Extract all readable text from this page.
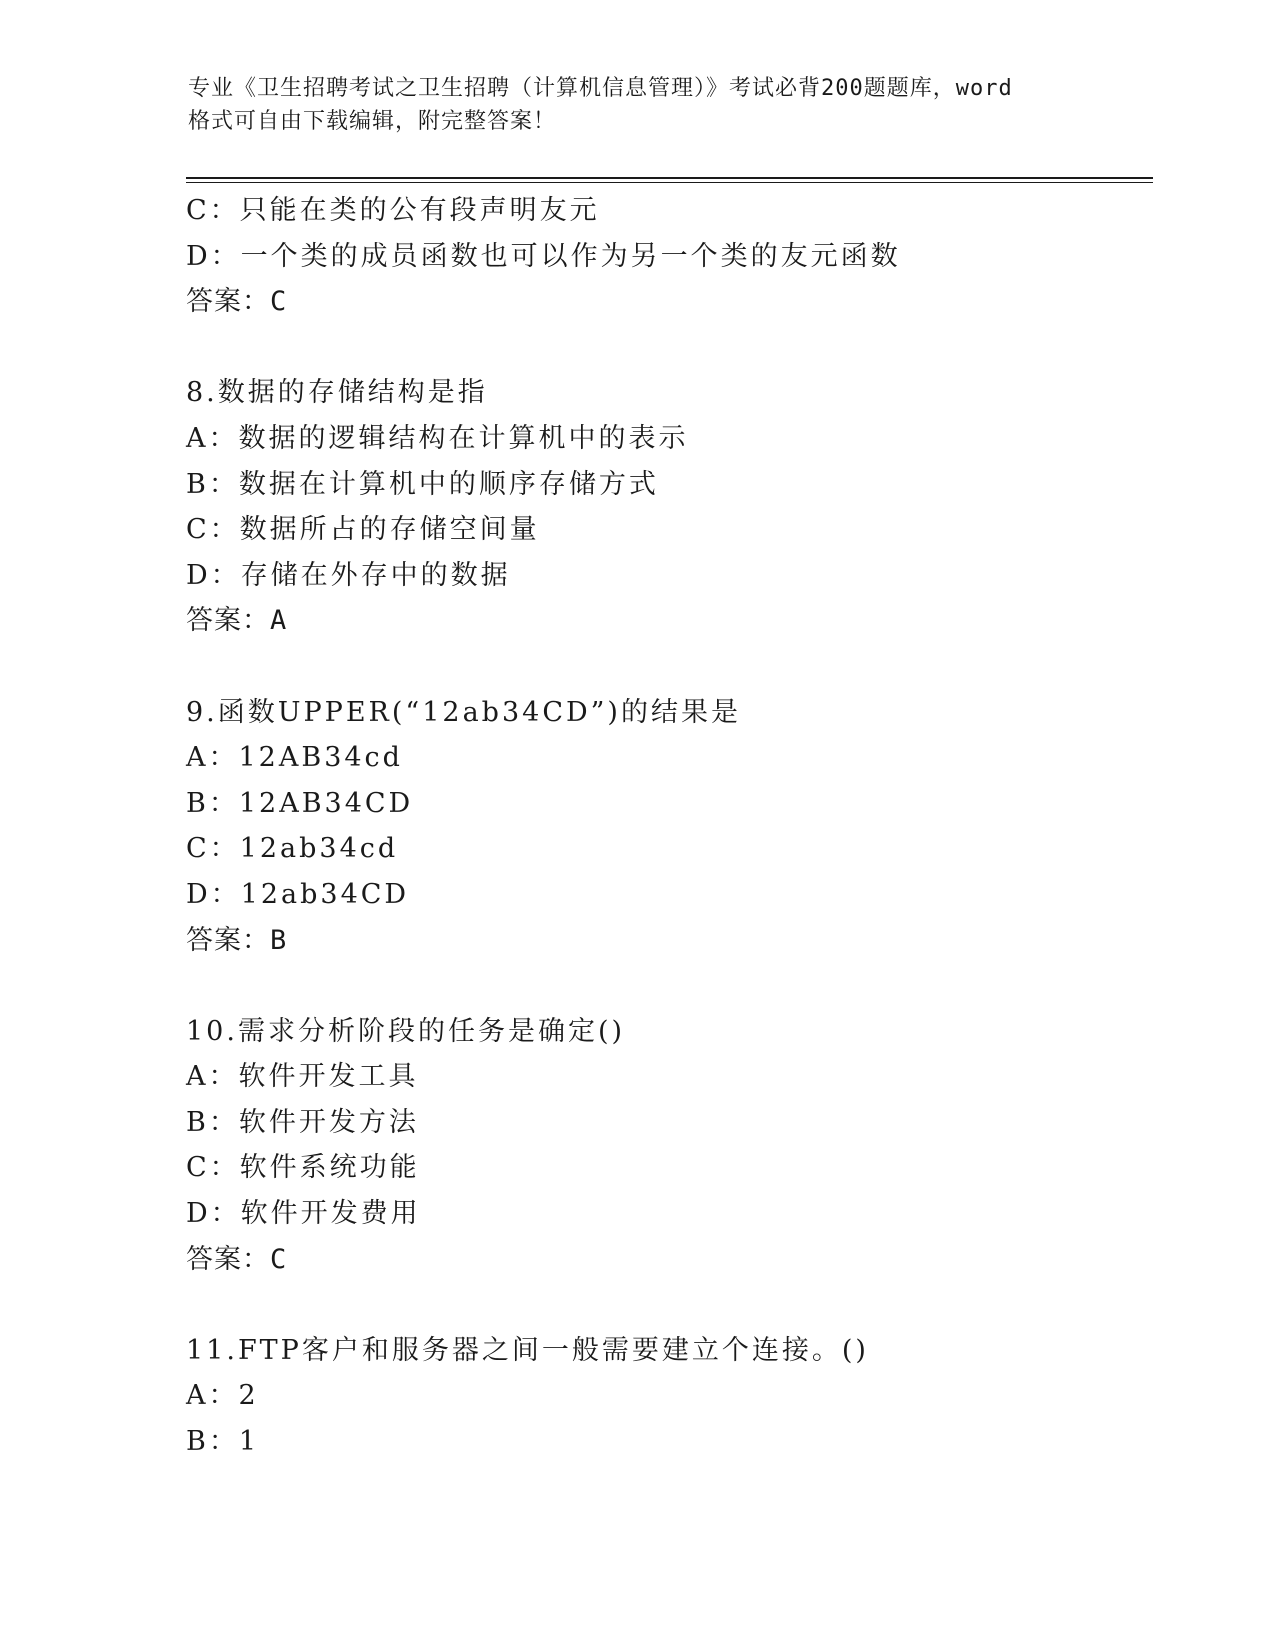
专业《卫生招聘考试之卫生招聘（计算机信息管理）》考试必背200题题库，word
格式可自由下载编辑，附完整答案！
C：只能在类的公有段声明友元
D：一个类的成员函数也可以作为另一个类的友元函数
答案：C
8.数据的存储结构是指
A：数据的逻辑结构在计算机中的表示
B：数据在计算机中的顺序存储方式
C：数据所占的存储空间量
D：存储在外存中的数据
答案：A
9.函数UPPER(“12ab34CD”)的结果是
A：12AB34cd
B：12AB34CD
C：12ab34cd
D：12ab34CD
答案：B
10.需求分析阶段的任务是确定()
A：软件开发工具
B：软件开发方法
C：软件系统功能
D：软件开发费用
答案：C
11.FTP客户和服务器之间一般需要建立个连接。()
A：2
B：1
